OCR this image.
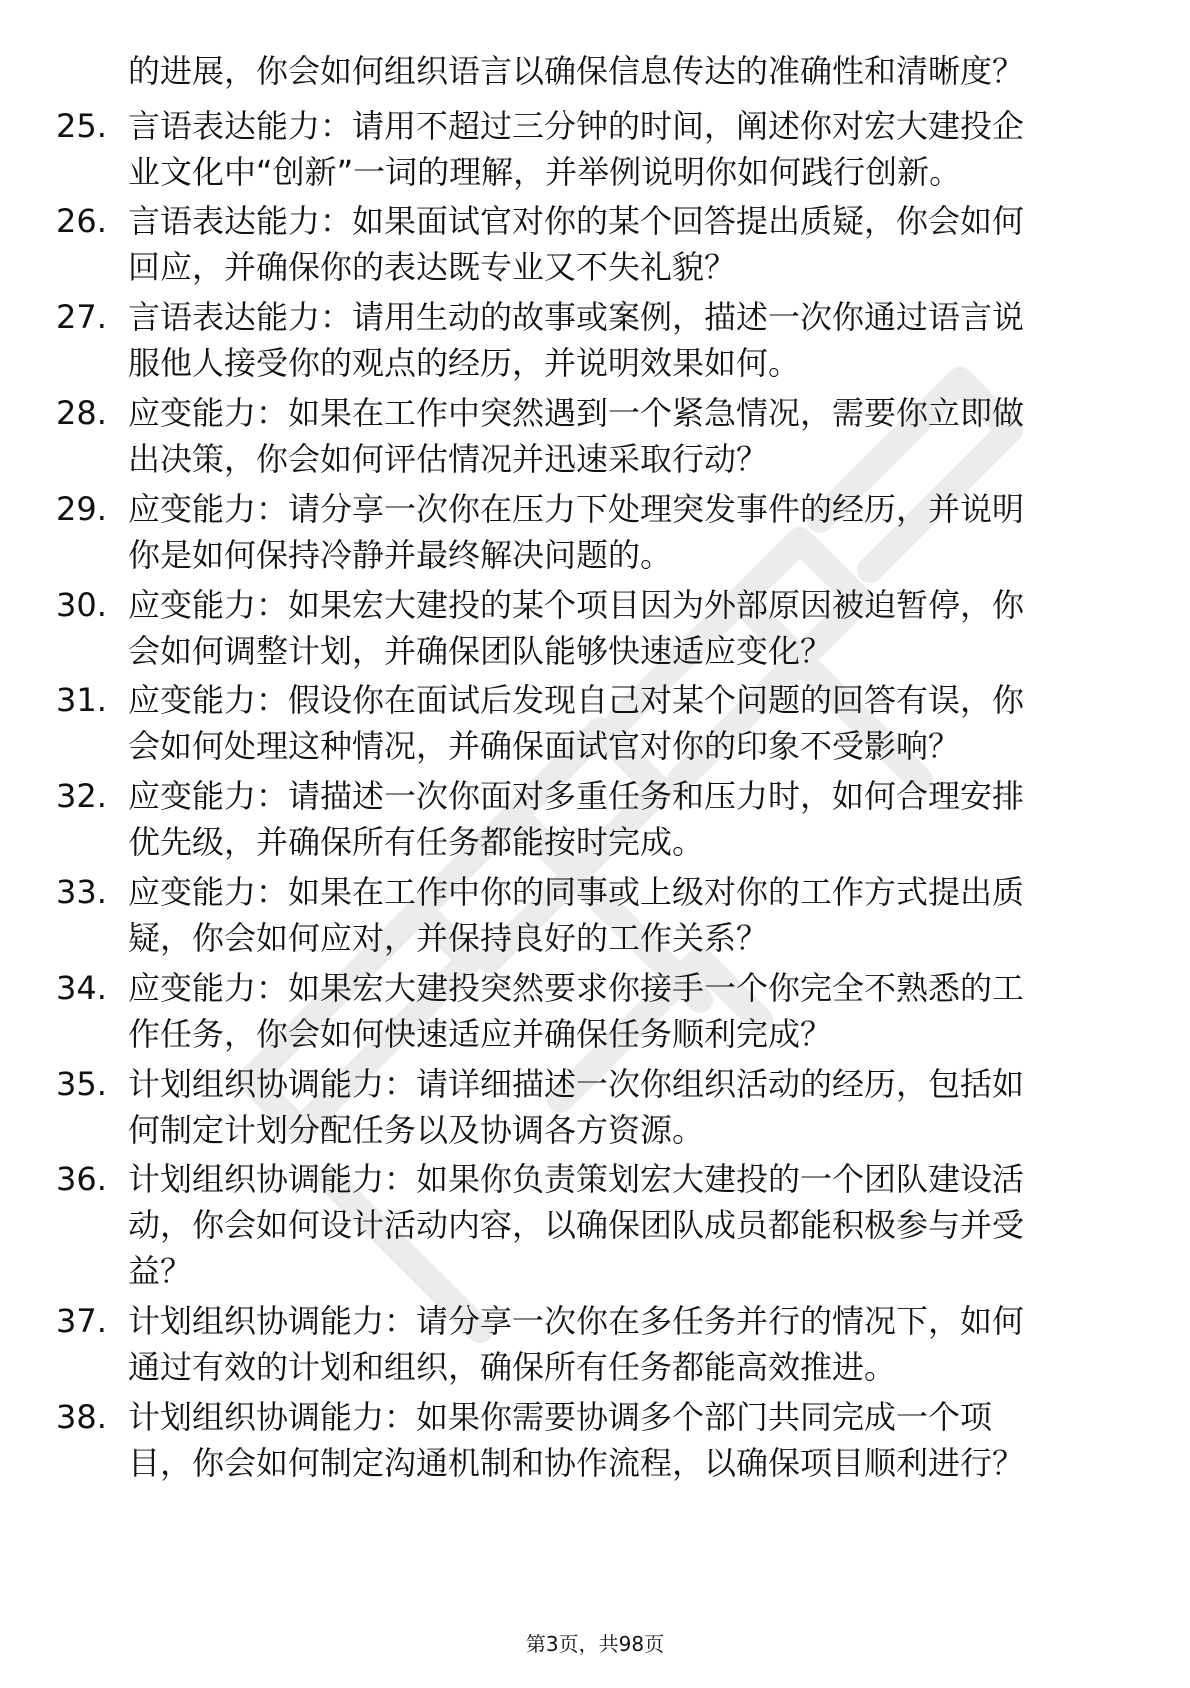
的进展，你会如何组织语言以确保信息传达的准确性和清晰度？
25. 言语表达能力：请用不超过三分钟的时间，阐述你对宏大建投企
业文化中“创新”一词的理解，并举例说明你如何践行创新。
26. 言语表达能力：如果面试官对你的某个回答提出质疑，你会如何
回应，并确保你的表达既专业又不失礼貌？
27. 言语表达能力：请用生动的故事或案例，描述一次你通过语言说
服他人接受你的观点的经历，并说明效果如何。
28. 应变能力：如果在工作中突然遇到一个紧急情况，需要你立即做
出决策，你会如何评估情况并迅速采取行动？
29. 应变能力：请分享一次你在压力下处理突发事件的经历，并说明
你是如何保持冷静并最终解决问题的。
30. 应变能力：如果宏大建投的某个项目因为外部原因被迫暂停，你
会如何调整计划，并确保团队能够快速适应变化？
31. 应变能力：假设你在面试后发现自己对某个问题的回答有误，你
会如何处理这种情况，并确保面试官对你的印象不受影响？
32. 应变能力：请描述一次你面对多重任务和压力时，如何合理安排
优先级，并确保所有任务都能按时完成。
33. 应变能力：如果在工作中你的同事或上级对你的工作方式提出质
疑，你会如何应对，并保持良好的工作关系？
34. 应变能力：如果宏大建投突然要求你接手一个你完全不熟悉的工
作任务，你会如何快速适应并确保任务顺利完成？
35. 计划组织协调能力：请详细描述一次你组织活动的经历，包括如
何制定计划分配任务以及协调各方资源。
36. 计划组织协调能力：如果你负责策划宏大建投的一个团队建设活
动，你会如何设计活动内容，以确保团队成员都能积极参与并受
益？
37. 计划组织协调能力：请分享一次你在多任务并行的情况下，如何
通过有效的计划和组织，确保所有任务都能高效推进。
38. 计划组织协调能力：如果你需要协调多个部门共同完成一个项
目，你会如何制定沟通机制和协作流程，以确保项目顺利进行？
第3页，共98页
